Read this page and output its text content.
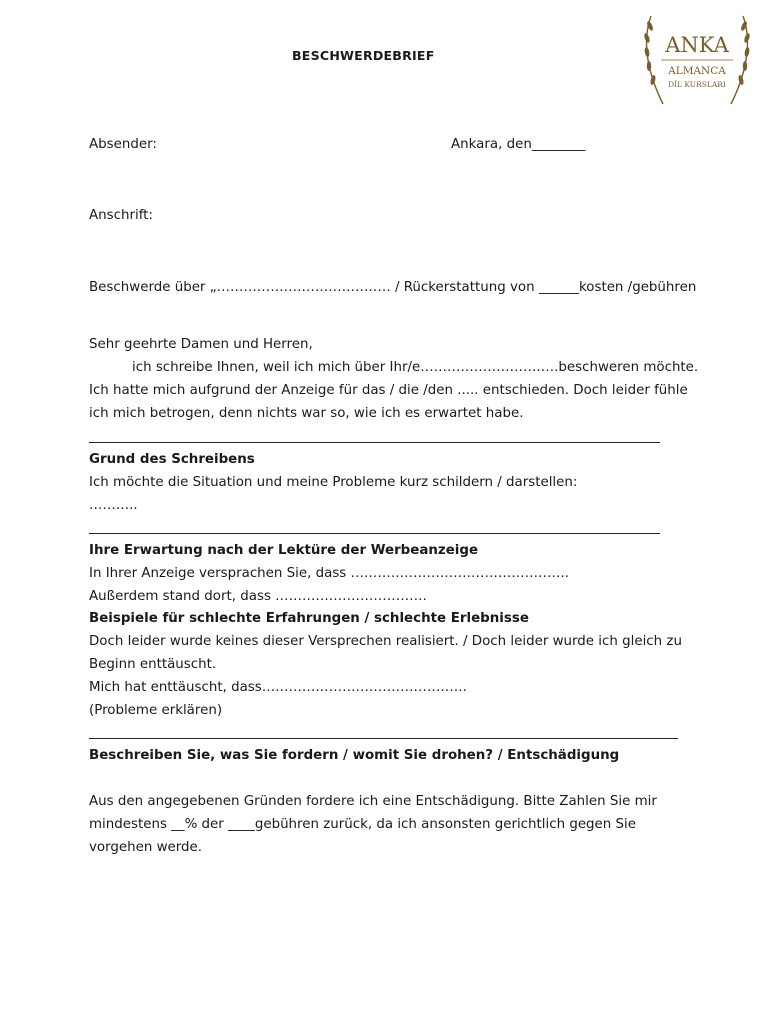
BESCHWERDEBRIEF	ANKA
ALMANCA
DİL KURSLARI
Absender:	Ankara, den________
Anschrift:
Beschwerde über „………………………………… / Rückerstattung von ______kosten /gebühren
Sehr geehrte Damen und Herren,
ich schreibe Ihnen, weil ich mich über Ihr/e………………………….beschweren möchte.
Ich hatte mich aufgrund der Anzeige für das / die /den ..... entschieden. Doch leider fühle
ich mich betrogen, denn nichts war so, wie ich es erwartet habe.
Grund des Schreibens
Ich möchte die Situation und meine Probleme kurz schildern / darstellen:
………..
Ihre Erwartung nach der Lektüre der Werbeanzeige
In Ihrer Anzeige versprachen Sie, dass ………………………………………….
Außerdem stand dort, dass …………………………….
Beispiele für schlechte Erfahrungen / schlechte Erlebnisse
Doch leider wurde keines dieser Versprechen realisiert. / Doch leider wurde ich gleich zu
Beginn enttäuscht.
Mich hat enttäuscht, dass……………………………………….
(Probleme erklären)
Beschreiben Sie, was Sie fordern / womit Sie drohen? / Entschädigung
Aus den angegebenen Gründen fordere ich eine Entschädigung. Bitte Zahlen Sie mir
mindestens __% der ____gebühren zurück, da ich ansonsten gerichtlich gegen Sie
vorgehen werde.
